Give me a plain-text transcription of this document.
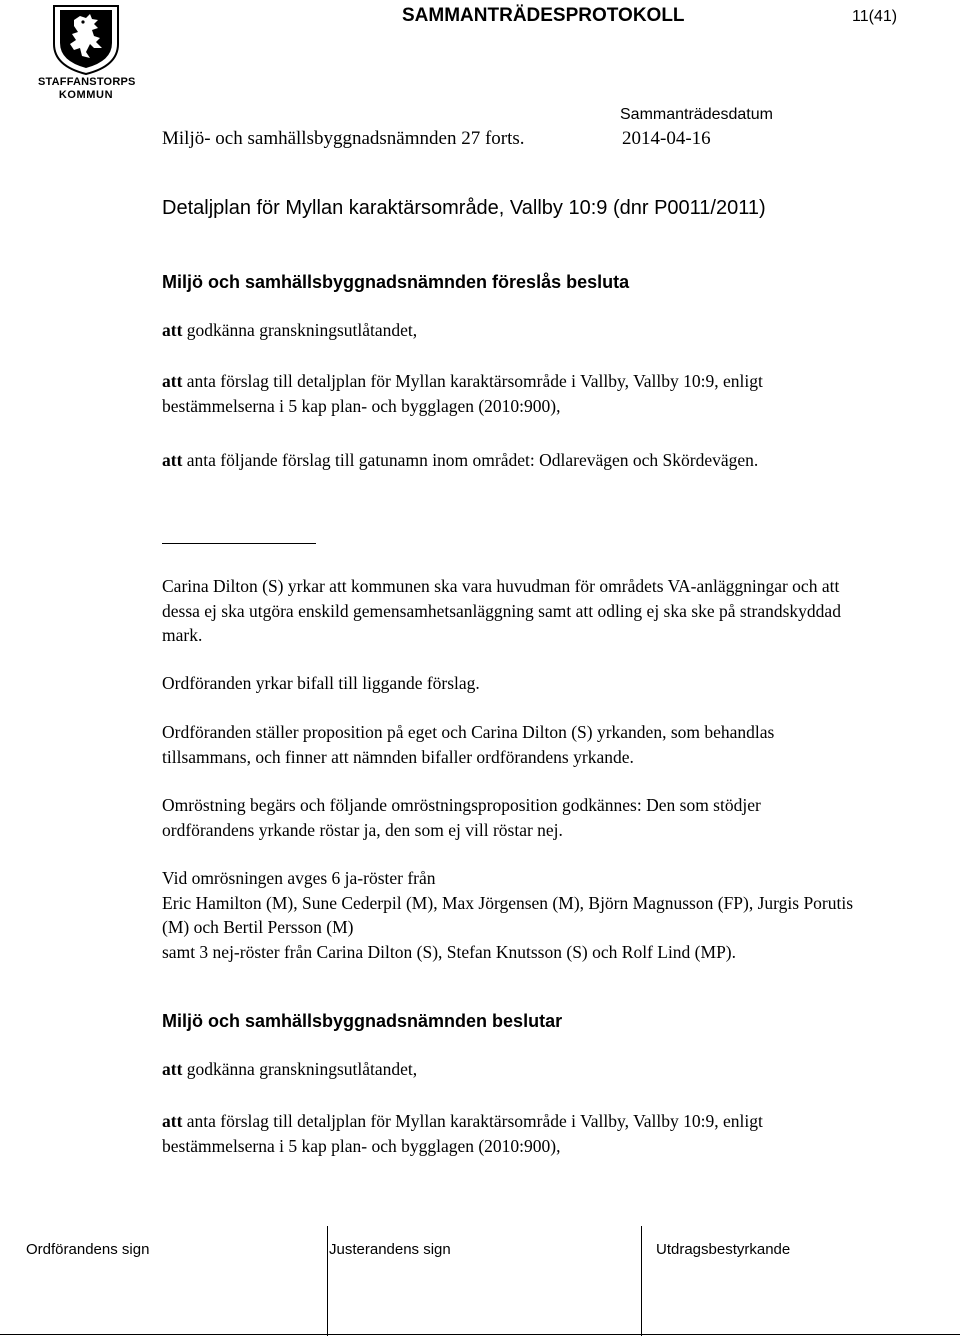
STAFFANSTORPS
KOMMUN
SAMMANTRÄDESPROTOKOLL	11(41)
Sammanträdesdatum
Miljö- och samhällsbyggnadsnämnden 27 forts.	2014-04-16
Detaljplan för Myllan karaktärsområde, Vallby 10:9 (dnr P0011/2011)
Miljö och samhällsbyggnadsnämnden föreslås besluta
att godkänna granskningsutlåtandet,
att anta förslag till detaljplan för Myllan karaktärsområde i Vallby, Vallby 10:9, enligt bestämmelserna i 5 kap plan- och bygglagen (2010:900),
att anta följande förslag till gatunamn inom området: Odlarevägen och Skördevägen.
Carina Dilton (S) yrkar att kommunen ska vara huvudman för områdets VA-anläggningar och att dessa ej ska utgöra enskild gemensamhetsanläggning samt att odling ej ska ske på strandskyddad mark.
Ordföranden yrkar bifall till liggande förslag.
Ordföranden ställer proposition på eget och Carina Dilton (S) yrkanden, som behandlas tillsammans, och finner att nämnden bifaller ordförandens yrkande.
Omröstning begärs och följande omröstningsproposition godkännes: Den som stödjer ordförandens yrkande röstar ja, den som ej vill röstar nej.
Vid omrösningen avges 6 ja-röster från
Eric Hamilton (M), Sune Cederpil (M), Max Jörgensen (M), Björn Magnusson (FP), Jurgis Porutis (M) och Bertil Persson (M)
samt 3 nej-röster från Carina Dilton (S), Stefan Knutsson (S) och Rolf Lind (MP).
Miljö och samhällsbyggnadsnämnden beslutar
att godkänna granskningsutlåtandet,
att anta förslag till detaljplan för Myllan karaktärsområde i Vallby, Vallby 10:9, enligt bestämmelserna i 5 kap plan- och bygglagen (2010:900),
Ordförandens sign	Justerandens sign	Utdragsbestyrkande
